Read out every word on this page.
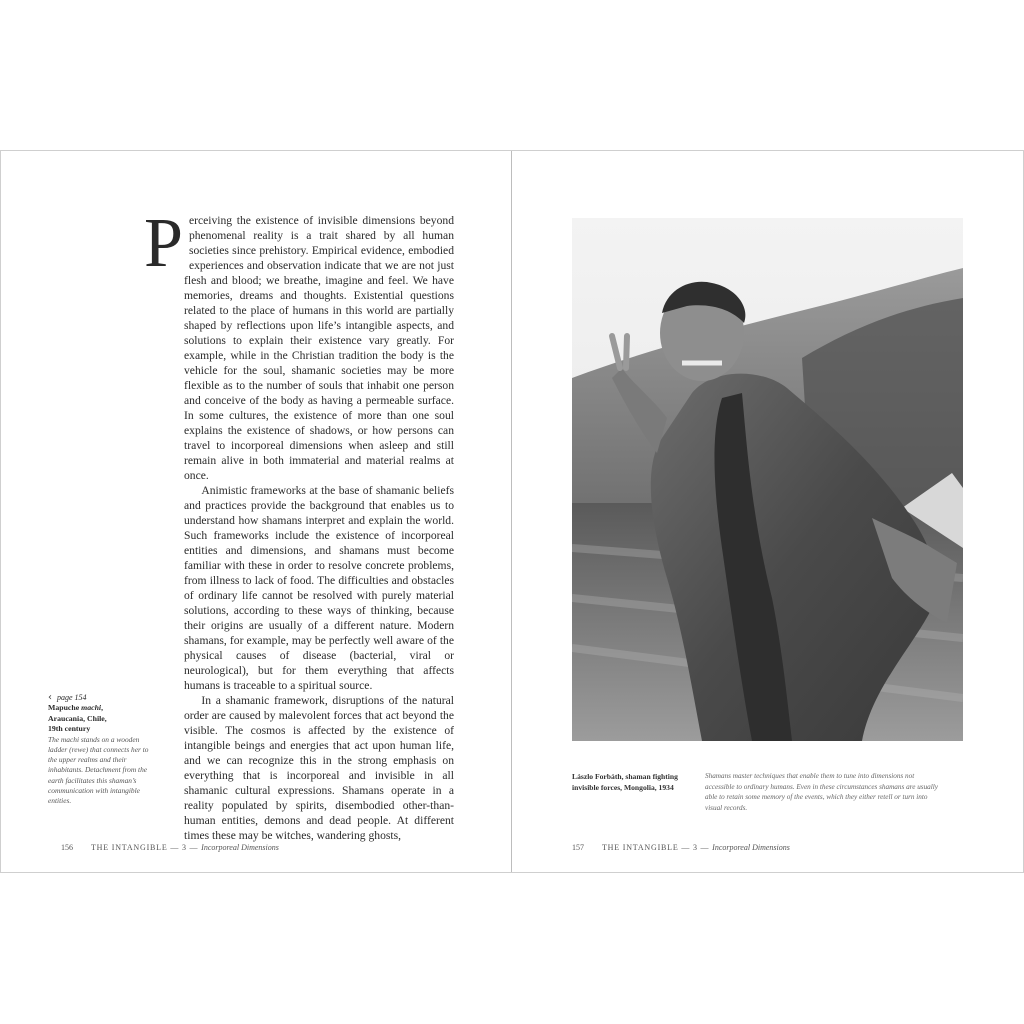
Perceiving the existence of invisible dimensions beyond phenomenal reality is a trait shared by all human societies since prehistory. Empirical evidence, embodied experiences and observation indicate that we are not just flesh and blood; we breathe, imagine and feel. We have memories, dreams and thoughts. Existential questions related to the place of humans in this world are partially shaped by reflections upon life’s intangible aspects, and solutions to explain their existence vary greatly. For example, while in the Christian tradition the body is the vehicle for the soul, shamanic societies may be more flexible as to the number of souls that inhabit one person and conceive of the body as having a permeable surface. In some cultures, the existence of more than one soul explains the existence of shadows, or how persons can travel to incorporeal dimensions when asleep and still remain alive in both immaterial and material realms at once.

Animistic frameworks at the base of shamanic beliefs and practices provide the background that enables us to understand how shamans interpret and explain the world. Such frameworks include the existence of incorporeal entities and dimensions, and shamans must become familiar with these in order to resolve concrete problems, from illness to lack of food. The difficulties and obstacles of ordinary life cannot be resolved with purely material solutions, according to these ways of thinking, because their origins are usually of a different nature. Modern shamans, for example, may be perfectly well aware of the physical causes of disease (bacterial, viral or neurological), but for them everything that affects humans is traceable to a spiritual source.

In a shamanic framework, disruptions of the natural order are caused by malevolent forces that act beyond the visible. The cosmos is affected by the existence of intangible beings and energies that act upon human life, and we can recognize this in the strong emphasis on everything that is incorporeal and invisible in all shamanic cultural expressions. Shamans operate in a reality populated by spirits, disembodied other-than-human entities, demons and dead people. At different times these may be witches, wandering ghosts,

‹ page 154
Mapuche machi,
Araucania, Chile,
19th century
The machi stands on a wooden ladder (rewe) that connects her to the upper realms and their inhabitants. Detachment from the earth facilitates this shaman’s communication with intangible entities.
156 THE INTANGIBLE — 3 — Incorporeal Dimensions
Lászlo Forbáth, shaman fighting invisible forces, Mongolia, 1934
Shamans master techniques that enable them to tune into dimensions not accessible to ordinary humans. Even in these circumstances shamans are usually able to retain some memory of the events, which they either retell or turn into visual records.
157 THE INTANGIBLE — 3 — Incorporeal Dimensions
